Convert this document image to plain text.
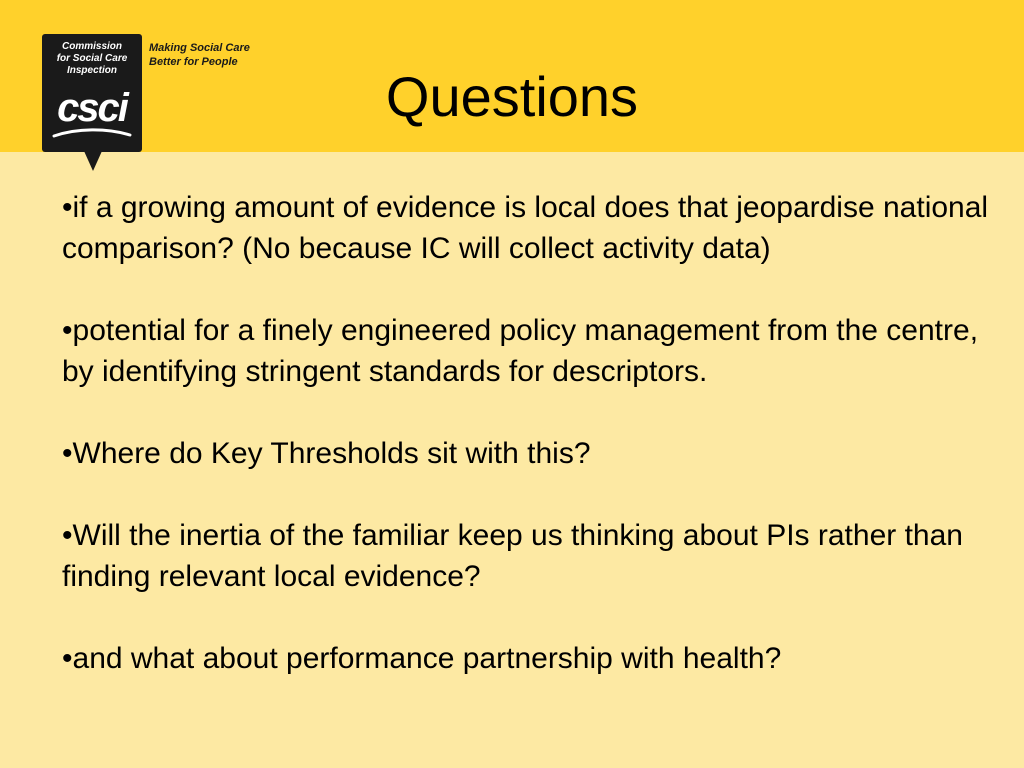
Commission
for Social Care
Inspection
csci
Making Social Care
Better for People
Questions
•if a growing amount of evidence is local does that jeopardise national comparison? (No because IC will collect activity data)
•potential for a finely engineered policy management from the centre, by identifying stringent standards for descriptors.
•Where do Key Thresholds sit with this?
•Will the inertia of the familiar keep us thinking about PIs rather than finding relevant local evidence?
•and what about performance partnership with health?
